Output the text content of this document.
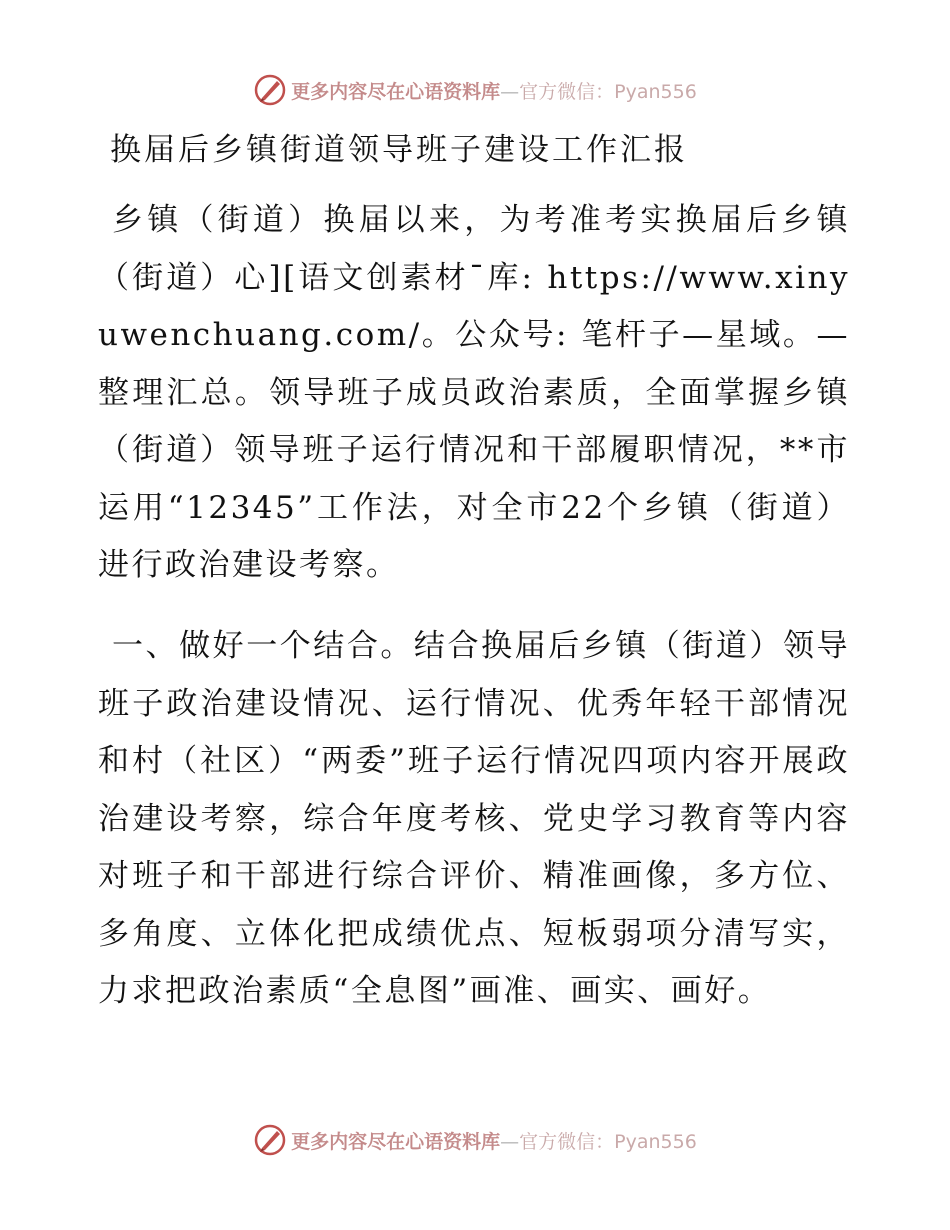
更多内容尽在心语资料库—官方微信：Pyan556
换届后乡镇街道领导班子建设工作汇报

乡镇（街道）换届以来，为考准考实换届后乡镇（街道）心][语文创素材¯库: https://www.xinyuwenchuang.com/。公众号: 笔杆子—星域。—整理汇总。领导班子成员政治素质，全面掌握乡镇（街道）领导班子运行情况和干部履职情况，**市运用“12345”工作法，对全市22个乡镇（街道）进行政治建设考察。

一、做好一个结合。结合换届后乡镇（街道）领导班子政治建设情况、运行情况、优秀年轻干部情况和村（社区）“两委”班子运行情况四项内容开展政治建设考察，综合年度考核、党史学习教育等内容对班子和干部进行综合评价、精准画像，多方位、多角度、立体化把成绩优点、短板弱项分清写实，力求把政治素质“全息图”画准、画实、画好。

更多内容尽在心语资料库—官方微信：Pyan556
